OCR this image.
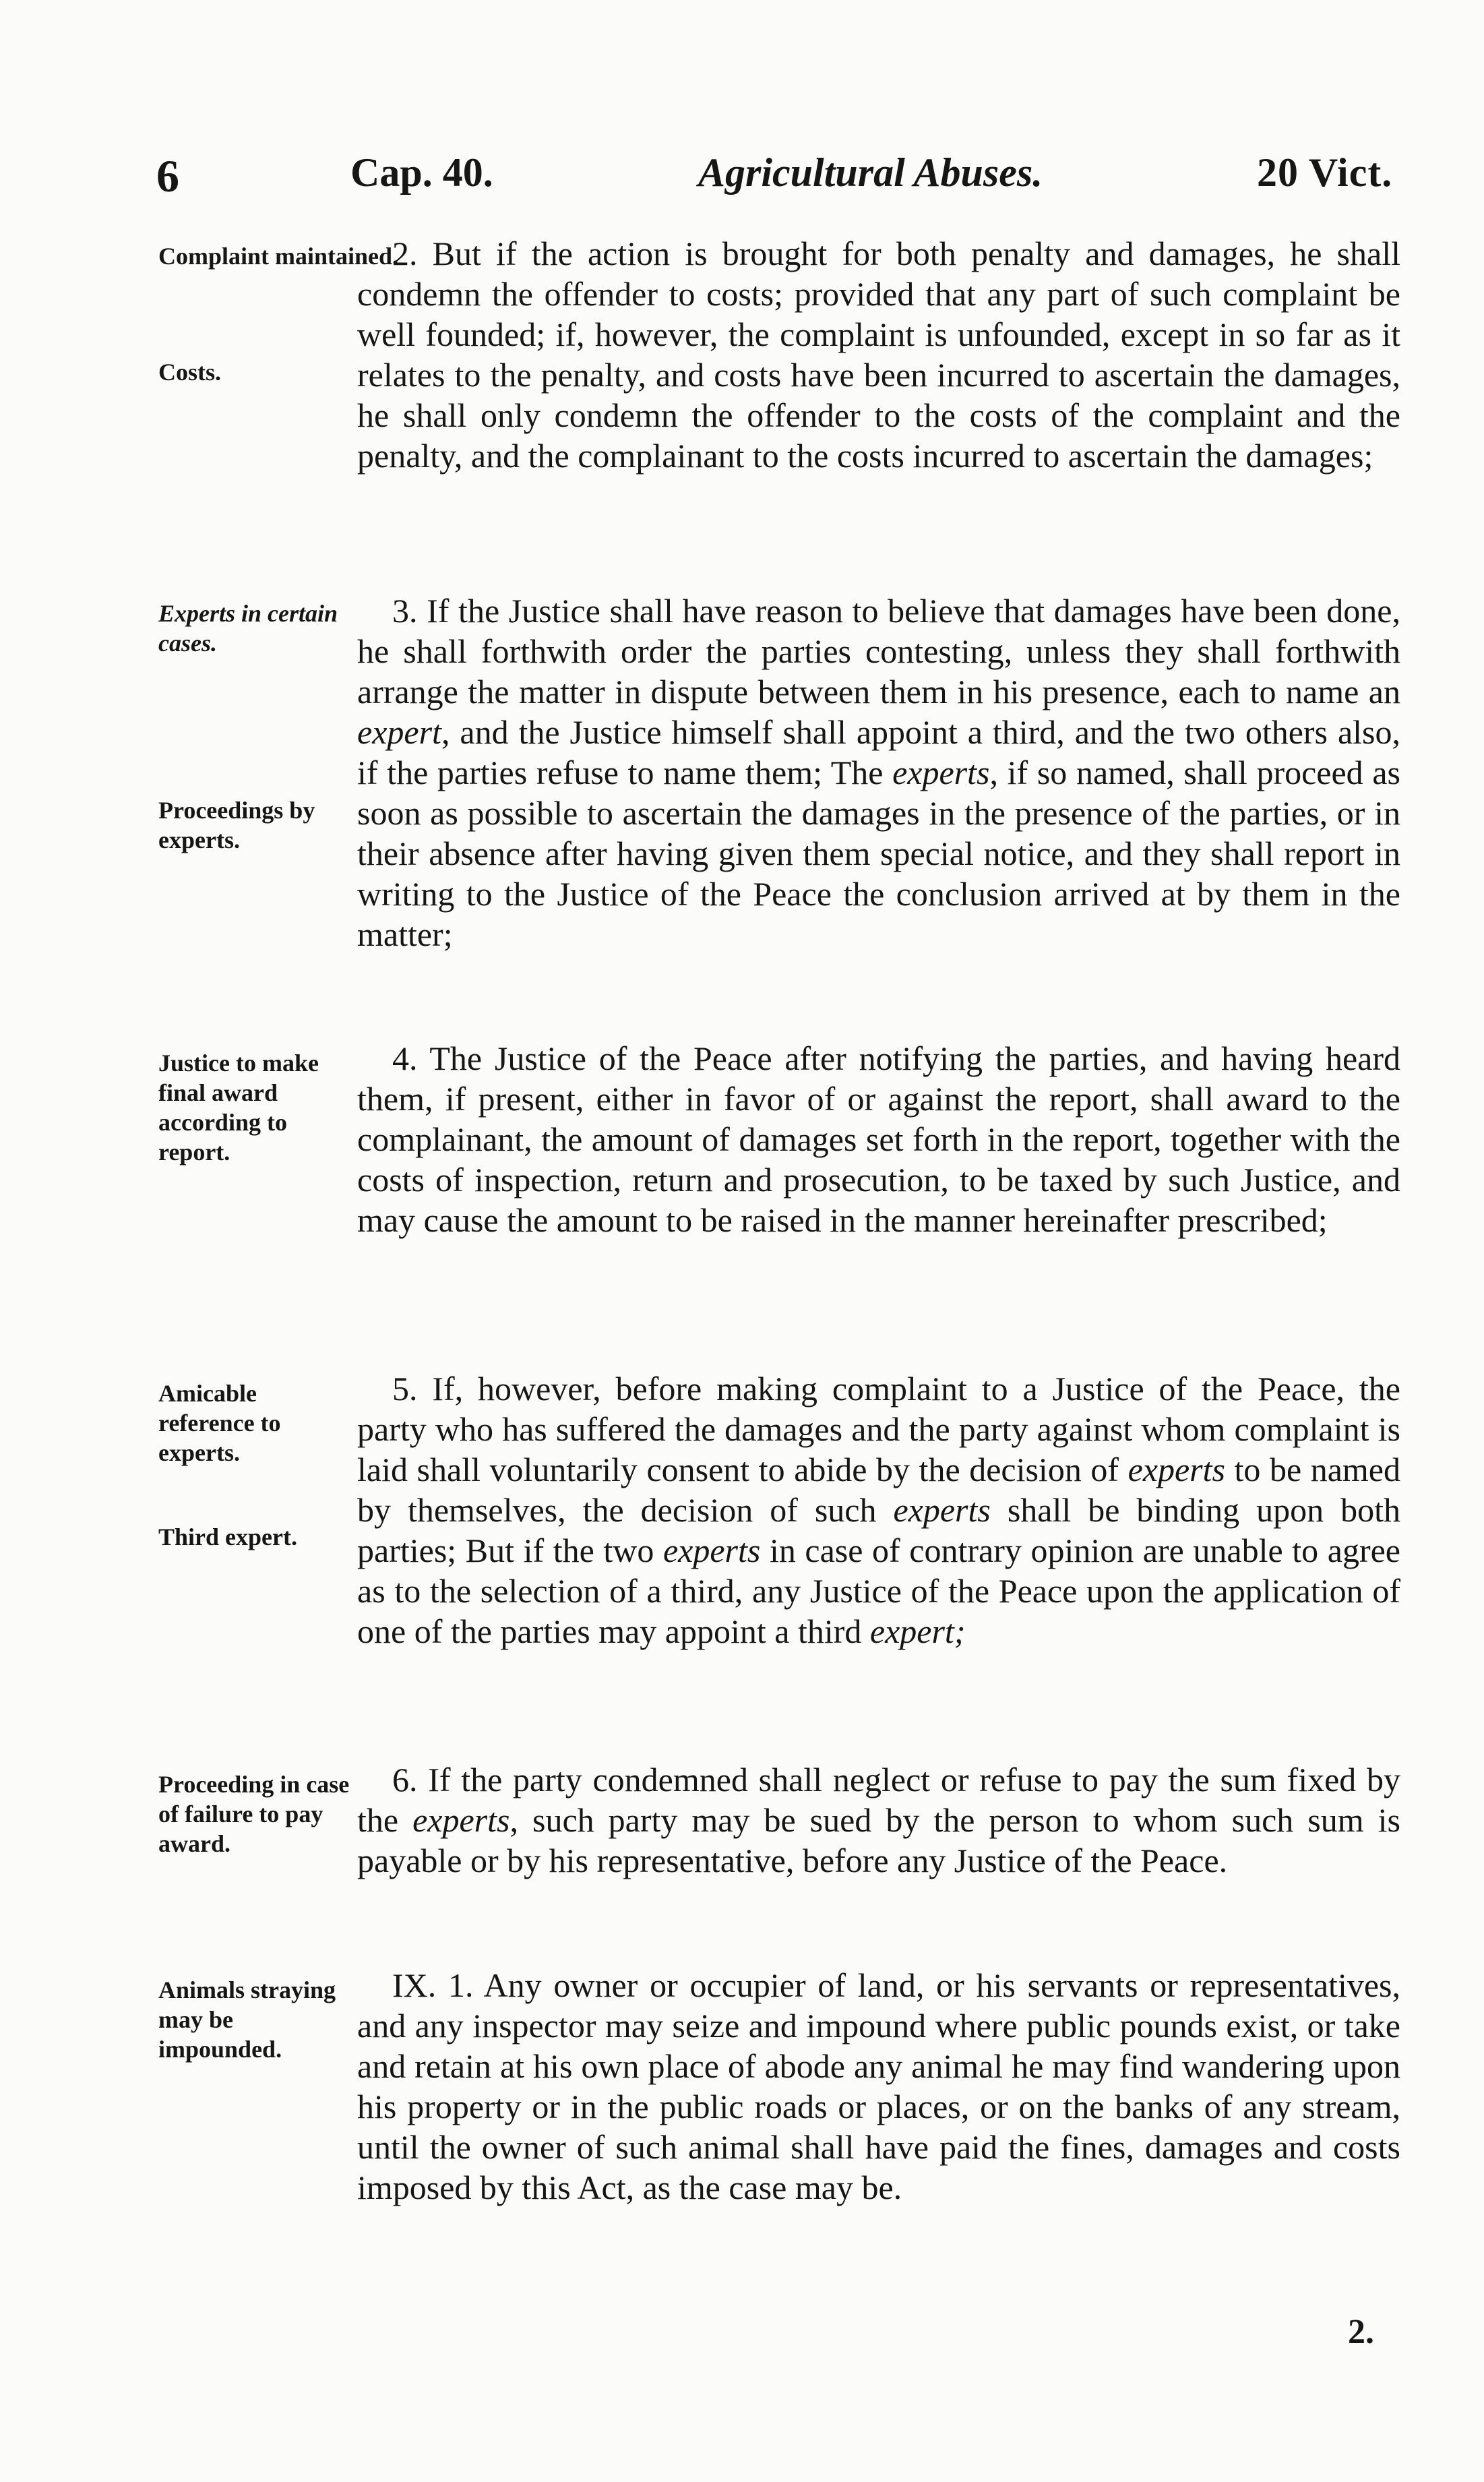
6	Cap. 40.	Agricultural Abuses.	20 Vict.
Complaint maintained.
Costs.
2. But if the action is brought for both penalty and damages, he shall condemn the offender to costs; provided that any part of such complaint be well founded; if, however, the complaint is unfounded, except in so far as it relates to the penalty, and costs have been incurred to ascertain the damages, he shall only condemn the offender to the costs of the complaint and the penalty, and the complainant to the costs incurred to ascertain the damages;
Experts in certain cases.
Proceedings by experts.
3. If the Justice shall have reason to believe that damages have been done, he shall forthwith order the parties contesting, unless they shall forthwith arrange the matter in dispute between them in his presence, each to name an expert, and the Justice himself shall appoint a third, and the two others also, if the parties refuse to name them; The experts, if so named, shall proceed as soon as possible to ascertain the damages in the presence of the parties, or in their absence after having given them special notice, and they shall report in writing to the Justice of the Peace the conclusion arrived at by them in the matter;
Justice to make final award according to report.
4. The Justice of the Peace after notifying the parties, and having heard them, if present, either in favor of or against the report, shall award to the complainant, the amount of damages set forth in the report, together with the costs of inspection, return and prosecution, to be taxed by such Justice, and may cause the amount to be raised in the manner hereinafter prescribed;
Amicable reference to experts.
Third expert.
5. If, however, before making complaint to a Justice of the Peace, the party who has suffered the damages and the party against whom complaint is laid shall voluntarily consent to abide by the decision of experts to be named by themselves, the decision of such experts shall be binding upon both parties; But if the two experts in case of contrary opinion are unable to agree as to the selection of a third, any Justice of the Peace upon the application of one of the parties may appoint a third expert;
Proceeding in case of failure to pay award.
6. If the party condemned shall neglect or refuse to pay the sum fixed by the experts, such party may be sued by the person to whom such sum is payable or by his representative, before any Justice of the Peace.
Animals straying may be impounded.
IX. 1. Any owner or occupier of land, or his servants or representatives, and any inspector may seize and impound where public pounds exist, or take and retain at his own place of abode any animal he may find wandering upon his property or in the public roads or places, or on the banks of any stream, until the owner of such animal shall have paid the fines, damages and costs imposed by this Act, as the case may be.
2.
